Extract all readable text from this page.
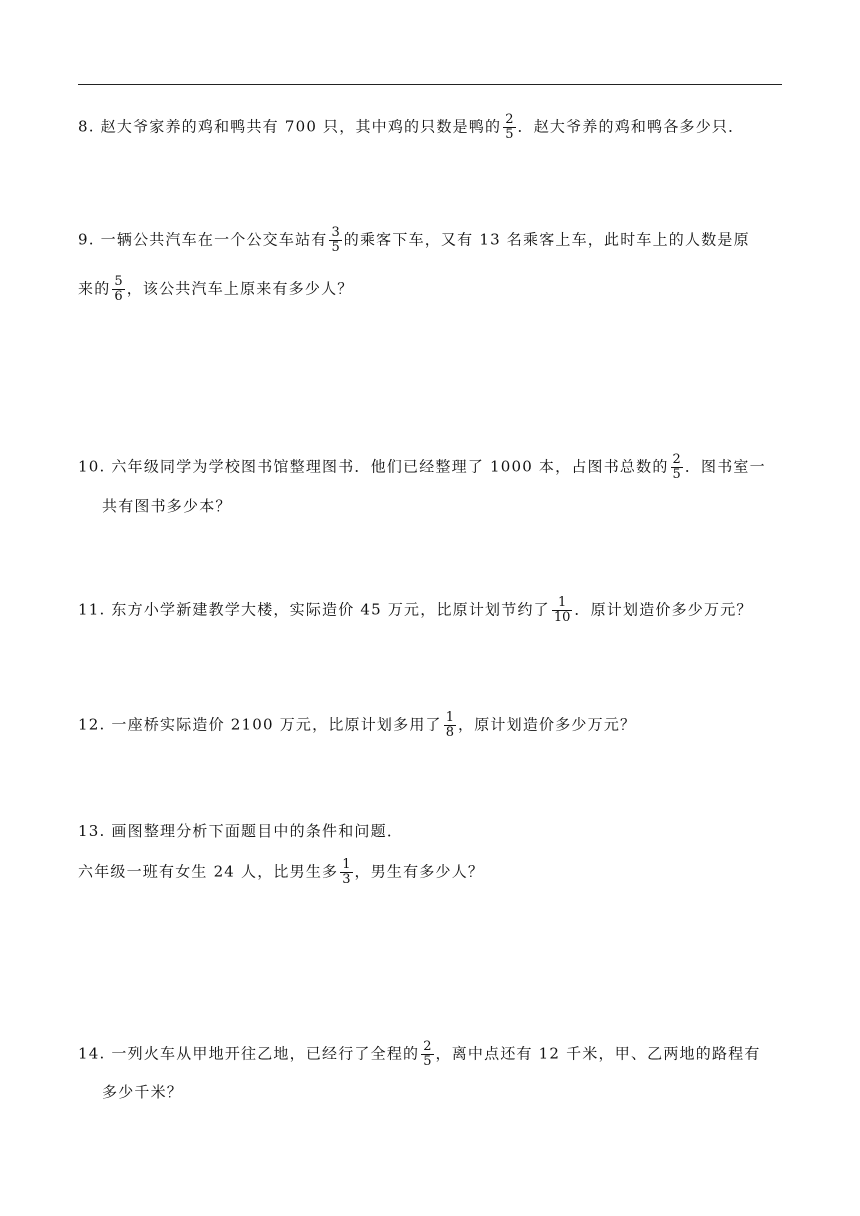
8. 赵大爷家养的鸡和鸭共有 700 只，其中鸡的只数是鸭的 $\frac{2}{5}$ ．赵大爷养的鸡和鸭各多少只．
9. 一辆公共汽车在一个公交车站有 $\frac{3}{5}$ 的乘客下车，又有 13 名乘客上车，此时车上的人数是原
来的 $\frac{5}{6}$ ，该公共汽车上原来有多少人？
10. 六年级同学为学校图书馆整理图书．他们已经整理了 1000 本，占图书总数的 $\frac{2}{5}$ ．图书室一
共有图书多少本？
11. 东方小学新建教学大楼，实际造价 45 万元，比原计划节约了 $\frac{1}{10}$ ．原计划造价多少万元？
12. 一座桥实际造价 2100 万元，比原计划多用了 $\frac{1}{8}$ ，原计划造价多少万元？
13. 画图整理分析下面题目中的条件和问题．
六年级一班有女生 24 人，比男生多 $\frac{1}{3}$ ，男生有多少人？
14. 一列火车从甲地开往乙地，已经行了全程的 $\frac{2}{5}$ ，离中点还有 12 千米，甲、乙两地的路程有
多少千米？
